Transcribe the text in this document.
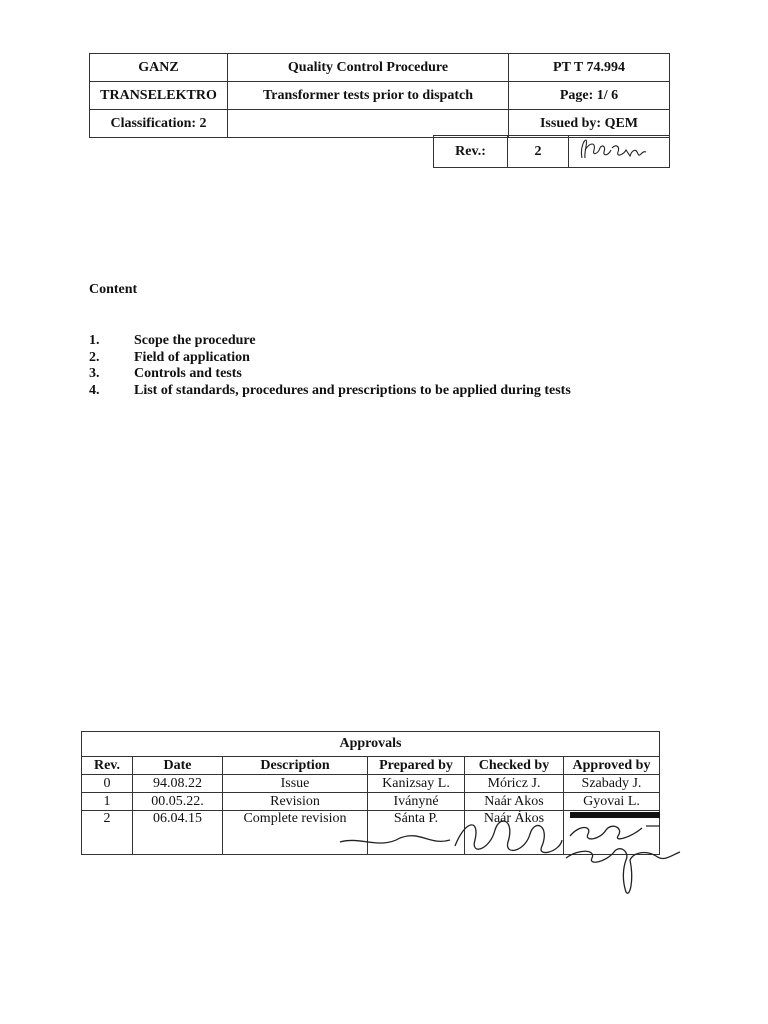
GANZ	Quality Control Procedure	PT T 74.994
TRANSELEKTRO	Transformer tests prior to dispatch	Page: 1/ 6
Classification: 2		Issued by: QEM
Rev.:	2	
Content
1.	Scope the procedure
2.	Field of application
3.	Controls and tests
4.	List of standards, procedures and prescriptions to be applied during tests
Approvals					
Rev.	Date	Description	Prepared by	Checked by	Approved by
0	94.08.22	Issue	Kanizsay L.	Móricz J.	Szabady J.
1	00.05.22.	Revision	Iványné	Naár Akos	Gyovai L.
2	06.04.15	Complete revision	Sánta P.	Naár Ákos	
